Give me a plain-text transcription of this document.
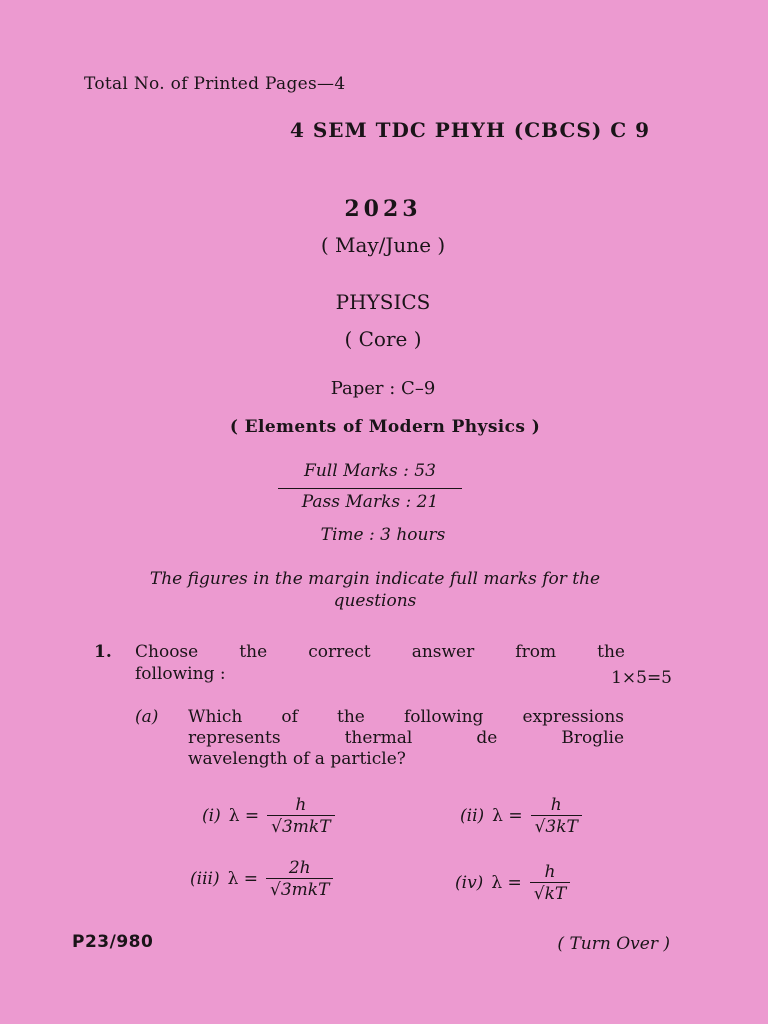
Total No. of Printed Pages—4
4 SEM TDC PHYH (CBCS) C 9
2023
( May/June )
PHYSICS
( Core )
Paper : C–9
( Elements of Modern Physics )
Full Marks : 53
Pass Marks : 21
Time : 3 hours
The figures in the margin indicate full marks for the questions
1. Choose the correct answer from the
following :	1×5=5
(a) Which of the following expressions
represents thermal de Broglie
wavelength of a particle?
(i) $\lambda = \frac{h}{\text{√3mkT}}$	(ii) $\lambda = \frac{h}{√3kT}$
(iii) $\lambda = \frac{2h}{\text{√3mkT}}$	(iv) $\lambda = \frac{h}{√kT}$
P23/980	( Turn Over )
